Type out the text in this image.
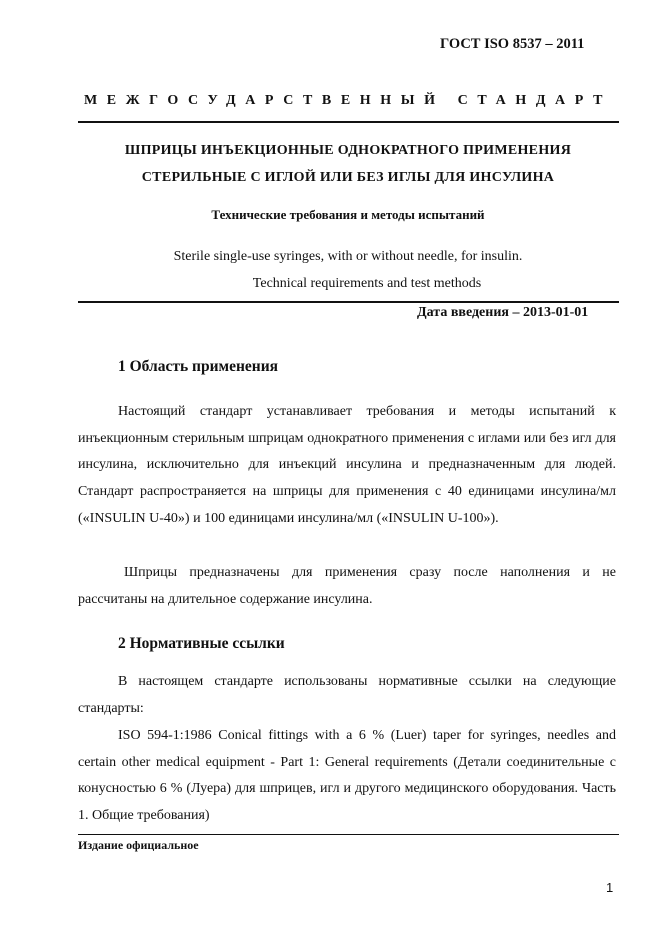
ГОСТ ISO 8537 – 2011
МЕЖГОСУДАРСТВЕННЫЙ СТАНДАРТ
ШПРИЦЫ ИНЪЕКЦИОННЫЕ ОДНОКРАТНОГО ПРИМЕНЕНИЯ
СТЕРИЛЬНЫЕ С ИГЛОЙ ИЛИ БЕЗ ИГЛЫ ДЛЯ ИНСУЛИНА
Технические требования и методы испытаний
Sterile single-use syringes, with or without needle, for insulin.
Technical requirements and test methods
Дата введения – 2013-01-01
1 Область применения
Настоящий стандарт устанавливает требования и методы испытаний к инъекционным стерильным шприцам однократного применения с иглами или без игл для инсулина, исключительно для инъекций инсулина и предназначенным для людей. Стандарт распространяется на шприцы для применения с 40 единицами инсулина/мл («INSULIN U-40») и 100 единицами инсулина/мл («INSULIN U-100»).
Шприцы предназначены для применения сразу после наполнения и не рассчитаны на длительное содержание инсулина.
2 Нормативные ссылки
В настоящем стандарте использованы нормативные ссылки на следующие стандарты:
ISO 594-1:1986 Conical fittings with a 6 % (Luer) taper for syringes, needles and certain other medical equipment - Part 1: General requirements (Детали соединительные с конусностью 6 % (Луера) для шприцев, игл и другого медицинского оборудования. Часть 1. Общие требования)
Издание официальное
1
